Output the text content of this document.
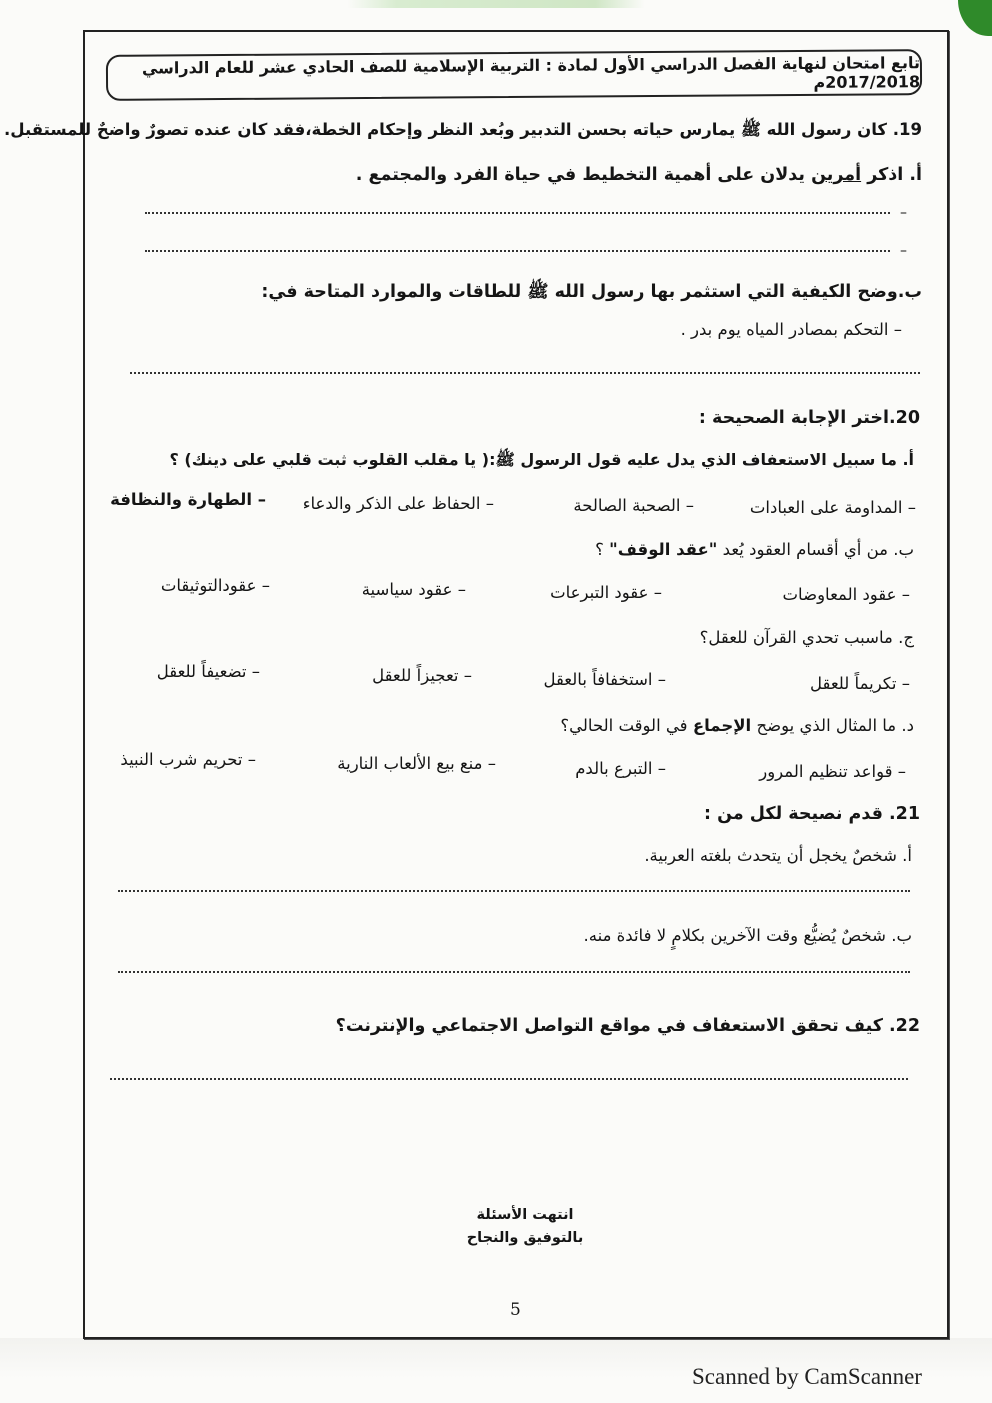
تابع امتحان لنهاية الفصل الدراسي الأول لمادة : التربية الإسلامية للصف الحادي عشر للعام الدراسي 2017/2018م
19. كان رسول الله ﷺ يمارس حياته بحسن التدبير وبُعد النظر وإحكام الخطة،فقد كان عنده تصورٌ واضحٌ للمستقبل.
أ. اذكر أمرين يدلان على أهمية التخطيط في حياة الفرد والمجتمع .
–
–
ب.وضح الكيفية التي استثمر بها رسول الله ﷺ للطاقات والموارد المتاحة في:
– التحكم بمصادر المياه يوم بدر .
20.اختر الإجابة الصحيحة :
أ. ما سبيل الاستعفاف الذي يدل عليه قول الرسول ﷺ:( يا مقلب القلوب ثبت قلبي على دينك) ؟
– المداومة على العبادات
– الصحبة الصالحة
– الحفاظ على الذكر والدعاء
– الطهارة والنظافة
ب. من أي أقسام العقود يُعد "عقد الوقف" ؟
– عقود المعاوضات
– عقود التبرعات
– عقود سياسية
– عقودالتوثيقات
ج. ماسبب تحدي القرآن للعقل؟
– تكريماً للعقل
– استخفافاً بالعقل
– تعجيزاً للعقل
– تضعيفاً للعقل
د. ما المثال الذي يوضح الإجماع في الوقت الحالي؟
– قواعد تنظيم المرور
– التبرع بالدم
– منع بيع الألعاب النارية
– تحريم شرب النبيذ
21. قدم نصيحة لكل من :
أ. شخصٌ يخجل أن يتحدث بلغته العربية.
ب. شخصٌ يُضيُّع وقت الآخرين بكلامٍ لا فائدة منه.
22. كيف تحقق الاستعفاف في مواقع التواصل الاجتماعي والإنترنت؟
انتهت الأسئلة
بالتوفيق والنجاح
5
Scanned by CamScanner
